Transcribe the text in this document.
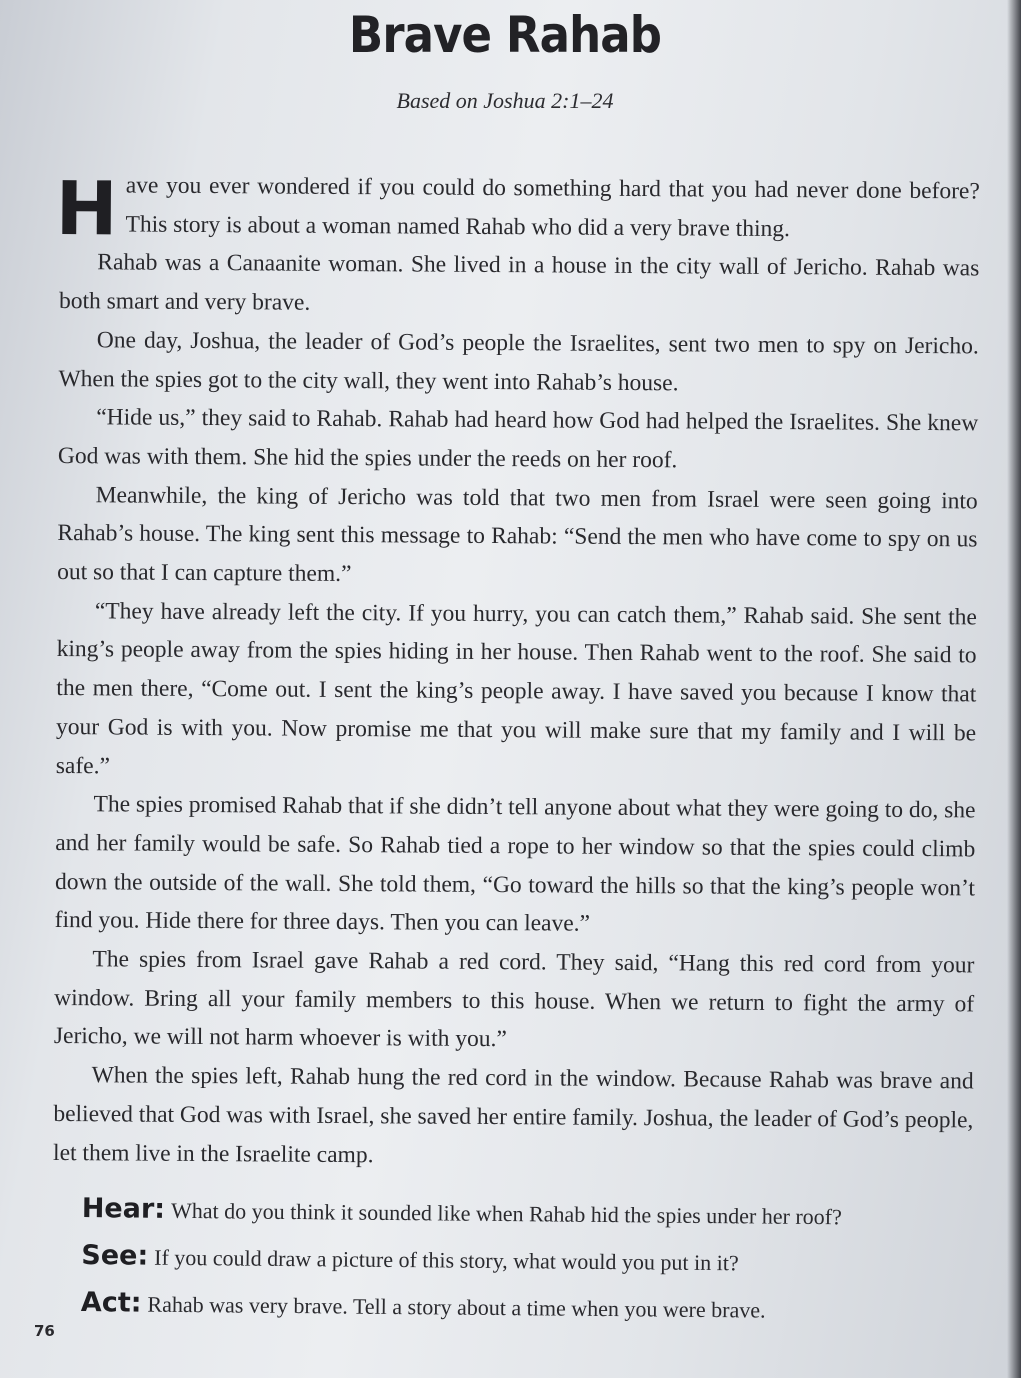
Brave Rahab
Based on Joshua 2:1–24

Have you ever wondered if you could do something hard that you had never done before? This story is about a woman named Rahab who did a very brave thing.

Rahab was a Canaanite woman. She lived in a house in the city wall of Jericho. Rahab was both smart and very brave.

One day, Joshua, the leader of God’s people the Israelites, sent two men to spy on Jericho. When the spies got to the city wall, they went into Rahab’s house.

“Hide us,” they said to Rahab. Rahab had heard how God had helped the Israelites. She knew God was with them. She hid the spies under the reeds on her roof.

Meanwhile, the king of Jericho was told that two men from Israel were seen going into Rahab’s house. The king sent this message to Rahab: “Send the men who have come to spy on us out so that I can capture them.”

“They have already left the city. If you hurry, you can catch them,” Rahab said. She sent the king’s people away from the spies hiding in her house. Then Rahab went to the roof. She said to the men there, “Come out. I sent the king’s people away. I have saved you because I know that your God is with you. Now promise me that you will make sure that my family and I will be safe.”

The spies promised Rahab that if she didn’t tell anyone about what they were going to do, she and her family would be safe. So Rahab tied a rope to her window so that the spies could climb down the outside of the wall. She told them, “Go toward the hills so that the king’s people won’t find you. Hide there for three days. Then you can leave.”

The spies from Israel gave Rahab a red cord. They said, “Hang this red cord from your window. Bring all your family members to this house. When we return to fight the army of Jericho, we will not harm whoever is with you.”

When the spies left, Rahab hung the red cord in the window. Because Rahab was brave and believed that God was with Israel, she saved her entire family. Joshua, the leader of God’s people, let them live in the Israelite camp.

Hear: What do you think it sounded like when Rahab hid the spies under her roof?
See: If you could draw a picture of this story, what would you put in it?
Act: Rahab was very brave. Tell a story about a time when you were brave.
76
